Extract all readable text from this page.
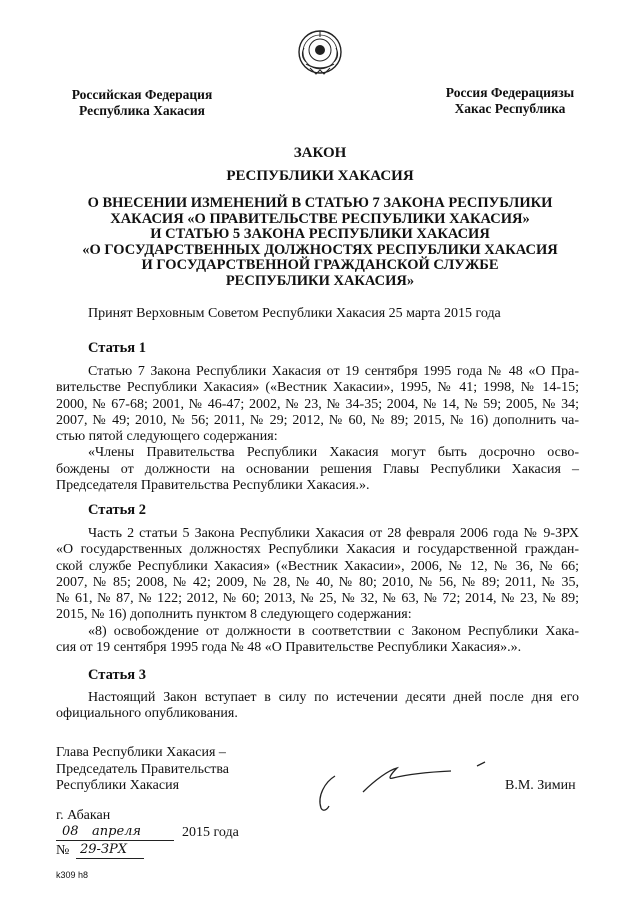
Российская Федерация
Республика Хакасия
Россия Федерациязы
Хакас Республика
ЗАКОН
РЕСПУБЛИКИ ХАКАСИЯ
О ВНЕСЕНИИ ИЗМЕНЕНИЙ В СТАТЬЮ 7 ЗАКОНА РЕСПУБЛИКИ
ХАКАСИЯ «О ПРАВИТЕЛЬСТВЕ РЕСПУБЛИКИ ХАКАСИЯ»
И СТАТЬЮ 5 ЗАКОНА РЕСПУБЛИКИ ХАКАСИЯ
«О ГОСУДАРСТВЕННЫХ ДОЛЖНОСТЯХ РЕСПУБЛИКИ ХАКАСИЯ
И ГОСУДАРСТВЕННОЙ ГРАЖДАНСКОЙ СЛУЖБЕ
РЕСПУБЛИКИ ХАКАСИЯ»
Принят Верховным Советом Республики Хакасия 25 марта 2015 года
Статья 1
Статью 7 Закона Республики Хакасия от 19 сентября 1995 года № 48 «О Пра-
вительстве Республики Хакасия» («Вестник Хакасии», 1995, № 41; 1998, № 14-15;
2000, № 67-68; 2001, № 46-47; 2002, № 23, № 34-35; 2004, № 14, № 59; 2005, № 34;
2007, № 49; 2010, № 56; 2011, № 29; 2012, № 60, № 89; 2015, № 16) дополнить ча-
стью пятой следующего содержания:
«Члены Правительства Республики Хакасия могут быть досрочно осво-
бождены от должности на основании решения Главы Республики Хакасия –
Председателя Правительства Республики Хакасия.».
Статья 2
Часть 2 статьи 5 Закона Республики Хакасия от 28 февраля 2006 года № 9-ЗРХ
«О государственных должностях Республики Хакасия и государственной граждан-
ской службе Республики Хакасия» («Вестник Хакасии», 2006, № 12, № 36, № 66;
2007, № 85; 2008, № 42; 2009, № 28, № 40, № 80; 2010, № 56, № 89; 2011, № 35,
№ 61, № 87, № 122; 2012, № 60; 2013, № 25, № 32, № 63, № 72; 2014, № 23, № 89;
2015, № 16) дополнить пунктом 8 следующего содержания:
«8) освобождение от должности в соответствии с Законом Республики Хака-
сия от 19 сентября 1995 года № 48 «О Правительстве Республики Хакасия».».
Статья 3
Настоящий Закон вступает в силу по истечении десяти дней после дня его
официального опубликования.
Глава Республики Хакасия –
Председатель Правительства
Республики Хакасия	В.М. Зимин
г. Абакан
08 апреля	2015 года
№ 29-ЗРХ
k309 h8
